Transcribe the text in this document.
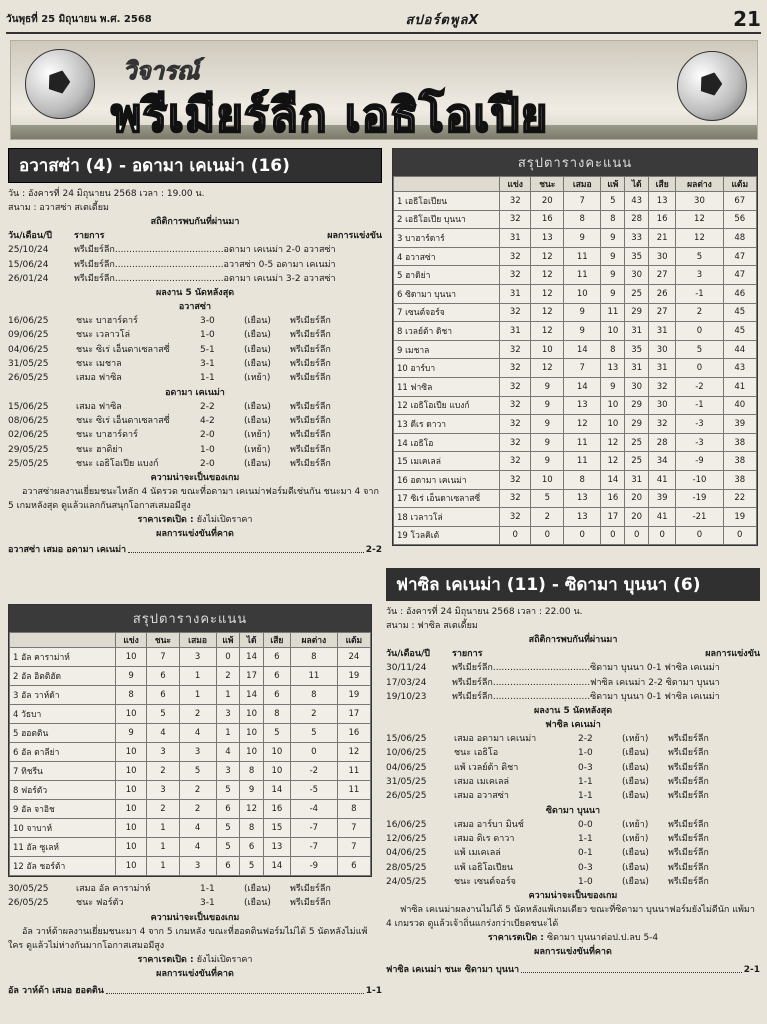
วันพุธที่ 25 มิถุนายน พ.ศ. 2568	สปอร์ตพูลX	21
วิจารณ์
พรีเมียร์ลีก เอธิโอเปีย
อวาสซ่า (4) - อดามา เคเนม่า (16)
วัน : อังคารที่ 24 มิถุนายน 2568 เวลา : 19.00 น.
สนาม : อวาสซ่า สเตเดี้ยม
สถิติการพบกันที่ผ่านมา
วัน/เดือน/ปี	รายการ	ผลการแข่งขัน
25/10/24	พรีเมียร์ลีก......................................อดามา เคเนม่า 2-0 อวาสซ่า
15/06/24	พรีเมียร์ลีก......................................อวาสซ่า 0-5 อดามา เคเนม่า
26/01/24	พรีเมียร์ลีก......................................อดามา เคเนม่า 3-2 อวาสซ่า
ผลงาน 5 นัดหลังสุด
อวาสซ่า
16/06/25	ชนะ บาฮาร์ดาร์	3-0	(เยือน)	พรีเมียร์ลีก
09/06/25	ชนะ เวลาวโล่	1-0	(เยือน)	พรีเมียร์ลีก
04/06/25	ชนะ ซิเร่ เอ็นดาเซลาสซี่	5-1	(เยือน)	พรีเมียร์ลีก
31/05/25	ชนะ เมชาล	3-1	(เยือน)	พรีเมียร์ลีก
26/05/25	เสมอ ฟาซิล	1-1	(เหย้า)	พรีเมียร์ลีก
อดามา เคเนม่า
15/06/25	เสมอ ฟาซิล	2-2	(เยือน)	พรีเมียร์ลีก
08/06/25	ชนะ ซิเร่ เอ็นดาเซลาสซี่	4-2	(เยือน)	พรีเมียร์ลีก
02/06/25	ชนะ บาฮาร์ดาร์	2-0	(เหย้า)	พรีเมียร์ลีก
29/05/25	ชนะ ฮาดิย่า	1-0	(เหย้า)	พรีเมียร์ลีก
25/05/25	ชนะ เอธิโอเปีย แบงก์	2-0	(เยือน)	พรีเมียร์ลีก
ความน่าจะเป็นของเกม
อวาสซ่าผลงานเยี่ยมชนะไหลัก 4 นัดรวด ขณะที่อดามา เคเนม่าฟอร์มดีเช่นกัน ชนะมา 4 จาก 5 เกมหลังสุด ดูแล้วแลกกันสนุกโอกาสเสมอมีสูง
ราคาเรตเปิด : ยังไม่เปิดราคา
ผลการแข่งขันที่คาด
อวาสซ่า เสมอ อดามา เคเนม่า	2-2
สรุปตารางคะแนน
	แข่ง	ชนะ	เสมอ	แพ้	ได้	เสีย	ผลต่าง	แต้ม
1 อัล คาราม่าห์	10	7	3	0	14	6	8	24
2 อัล อิตติฮัด	9	6	1	2	17	6	11	19
3 อัล วาห์ด้า	8	6	1	1	14	6	8	19
4 วัธบา	10	5	2	3	10	8	2	17
5 ฮอตติน	9	4	4	1	10	5	5	16
6 อัล ตาลีย่า	10	3	3	4	10	10	0	12
7 ทิชรีน	10	2	5	3	8	10	-2	11
8 ฟอร์ตัว	10	3	2	5	9	14	-5	11
9 อัล จาอิช	10	2	2	6	12	16	-4	8
10 จาบาห์	10	1	4	5	8	15	-7	7
11 อัล ซูเลห์	10	1	4	5	6	13	-7	7
12 อัล ชอร์ต้า	10	1	3	6	5	14	-9	6
30/05/25	เสมอ อัล คาราม่าห์	1-1	(เยือน)	พรีเมียร์ลีก
26/05/25	ชนะ ฟอร์ตัว	3-1	(เยือน)	พรีเมียร์ลีก
ความน่าจะเป็นของเกม
อัล วาห์ด้าผลงานเยี่ยมชนะมา 4 จาก 5 เกมหลัง ขณะที่ฮอตตินฟอร์มไม่ได้ 5 นัดหลังไม่แพ้ใคร ดูแล้วไม่ห่างกันมากโอกาสเสมอมีสูง
ราคาเรตเปิด : ยังไม่เปิดราคา
ผลการแข่งขันที่คาด
อัล วาห์ด้า เสมอ ฮอตติน	1-1
สรุปตารางคะแนน
	แข่ง	ชนะ	เสมอ	แพ้	ได้	เสีย	ผลต่าง	แต้ม
1 เอธิโอเปียน	32	20	7	5	43	13	30	67
2 เอธิโอเปีย บุนนา	32	16	8	8	28	16	12	56
3 บาฮาร์ดาร์	31	13	9	9	33	21	12	48
4 อวาสซ่า	32	12	11	9	35	30	5	47
5 ฮาดิย่า	32	12	11	9	30	27	3	47
6 ซิดามา บุนนา	31	12	10	9	25	26	-1	46
7 เซนต์จอร์จ	32	12	9	11	29	27	2	45
8 เวลย์ต้า ดิชา	31	12	9	10	31	31	0	45
9 เมชาล	32	10	14	8	35	30	5	44
10 อาร์บา	32	12	7	13	31	31	0	43
11 ฟาซิล	32	9	14	9	30	32	-2	41
12 เอธิโอเปีย แบงก์	32	9	13	10	29	30	-1	40
13 ดีเร ดาวา	32	9	12	10	29	32	-3	39
14 เอธิโอ	32	9	11	12	25	28	-3	38
15 เมเคเลล่	32	9	11	12	25	34	-9	38
16 อดามา เคเนม่า	32	10	8	14	31	41	-10	38
17 ซิเร่ เอ็นดาเซลาสซี่	32	5	13	16	20	39	-19	22
18 เวลาวโล่	32	2	13	17	20	41	-21	19
19 โวลคิเต้	0	0	0	0	0	0	0	0
ฟาซิล เคเนม่า (11) - ซิดามา บุนนา (6)
วัน : อังคารที่ 24 มิถุนายน 2568 เวลา : 22.00 น.
สนาม : ฟาซิล สเตเดี้ยม
สถิติการพบกันที่ผ่านมา
วัน/เดือน/ปี	รายการ	ผลการแข่งขัน
30/11/24	พรีเมียร์ลีก..................................ซิดามา บุนนา 0-1 ฟาซิล เคเนม่า
17/03/24	พรีเมียร์ลีก..................................ฟาซิล เคเนม่า 2-2 ซิดามา บุนนา
19/10/23	พรีเมียร์ลีก..................................ซิดามา บุนนา 0-1 ฟาซิล เคเนม่า
ผลงาน 5 นัดหลังสุด
ฟาซิล เคเนม่า
15/06/25	เสมอ อดามา เคเนม่า	2-2	(เหย้า)	พรีเมียร์ลีก
10/06/25	ชนะ เอธิโอ	1-0	(เยือน)	พรีเมียร์ลีก
04/06/25	แพ้ เวลย์ต้า ดิชา	0-3	(เยือน)	พรีเมียร์ลีก
31/05/25	เสมอ เมเคเลล่	1-1	(เยือน)	พรีเมียร์ลีก
26/05/25	เสมอ อวาสซ่า	1-1	(เยือน)	พรีเมียร์ลีก
ซิดามา บุนนา
16/06/25	เสมอ อาร์บา มินช์	0-0	(เหย้า)	พรีเมียร์ลีก
12/06/25	เสมอ ดิเร ดาวา	1-1	(เหย้า)	พรีเมียร์ลีก
04/06/25	แพ้ เมเคเลล่	0-1	(เยือน)	พรีเมียร์ลีก
28/05/25	แพ้ เอธิโอเปียน	0-3	(เยือน)	พรีเมียร์ลีก
24/05/25	ชนะ เซนต์จอร์จ	1-0	(เยือน)	พรีเมียร์ลีก
ความน่าจะเป็นของเกม
ฟาซิล เคเนม่าผลงานไม่ได้ 5 นัดหลังแพ้เกมเดียว ขณะที่ซิดามา บุนนาฟอร์มยังไม่ดีนัก แพ้มา 4 เกมรวด ดูแล้วเจ้าถิ่นแกร่งกว่าเบียดชนะได้
ราคาเรตเปิด : ซิดามา บุนนาต่อป.ป.ลบ 5-4
ผลการแข่งขันที่คาด
ฟาซิล เคเนม่า ชนะ ซิดามา บุนนา	2-1
